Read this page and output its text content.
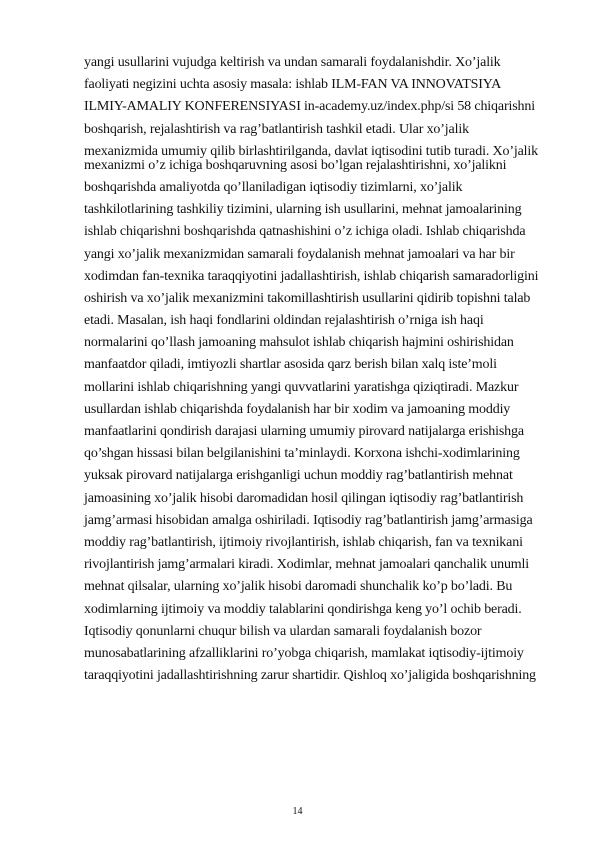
yangi usullarini vujudga keltirish va undan samarali foydalanishdir. Xo’jalik
faoliyati negizini uchta asosiy masala: ishlab ILM-FAN VA INNOVATSIYA
ILMIY-AMALIY KONFERENSIYASI in-academy.uz/index.php/si 58 chiqarishni
boshqarish, rejalashtirish va rag’batlantirish tashkil etadi. Ular xo’jalik
mexanizmida umumiy qilib birlashtirilganda, davlat iqtisodini tutib turadi. Xo’jalik
mexanizmi o’z ichiga boshqaruvning asosi bo’lgan rejalashtirishni, xo’jalikni
boshqarishda amaliyotda qo’llaniladigan iqtisodiy tizimlarni, xo’jalik
tashkilotlarining tashkiliy tizimini, ularning ish usullarini, mehnat jamoalarining
ishlab chiqarishni boshqarishda qatnashishini o’z ichiga oladi. Ishlab chiqarishda
yangi xo’jalik mexanizmidan samarali foydalanish mehnat jamoalari va har bir
xodimdan fan-texnika taraqqiyotini jadallashtirish, ishlab chiqarish samaradorligini
oshirish va xo’jalik mexanizmini takomillashtirish usullarini qidirib topishni talab
etadi. Masalan, ish haqi fondlarini oldindan rejalashtirish o’rniga ish haqi
normalarini qo’llash jamoaning mahsulot ishlab chiqarish hajmini oshirishidan
manfaatdor qiladi, imtiyozli shartlar asosida qarz berish bilan xalq iste’moli
mollarini ishlab chiqarishning yangi quvvatlarini yaratishga qiziqtiradi. Mazkur
usullardan ishlab chiqarishda foydalanish har bir xodim va jamoaning moddiy
manfaatlarini qondirish darajasi ularning umumiy pirovard natijalarga erishishga
qo’shgan hissasi bilan belgilanishini ta’minlaydi. Korxona ishchi-xodimlarining
yuksak pirovard natijalarga erishganligi uchun moddiy rag’batlantirish mehnat
jamoasining xo’jalik hisobi daromadidan hosil qilingan iqtisodiy rag’batlantirish
jamg’armasi hisobidan amalga oshiriladi. Iqtisodiy rag’batlantirish jamg’armasiga
moddiy rag’batlantirish, ijtimoiy rivojlantirish, ishlab chiqarish, fan va texnikani
rivojlantirish jamg’armalari kiradi. Xodimlar, mehnat jamoalari qanchalik unumli
mehnat qilsalar, ularning xo’jalik hisobi daromadi shunchalik ko’p bo’ladi. Bu
xodimlarning ijtimoiy va moddiy talablarini qondirishga keng yo’l ochib beradi.
Iqtisodiy qonunlarni chuqur bilish va ulardan samarali foydalanish bozor
munosabatlarining afzalliklarini ro’yobga chiqarish, mamlakat iqtisodiy-ijtimoiy
taraqqiyotini jadallashtirishning zarur shartidir. Qishloq xo’jaligida boshqarishning
14
